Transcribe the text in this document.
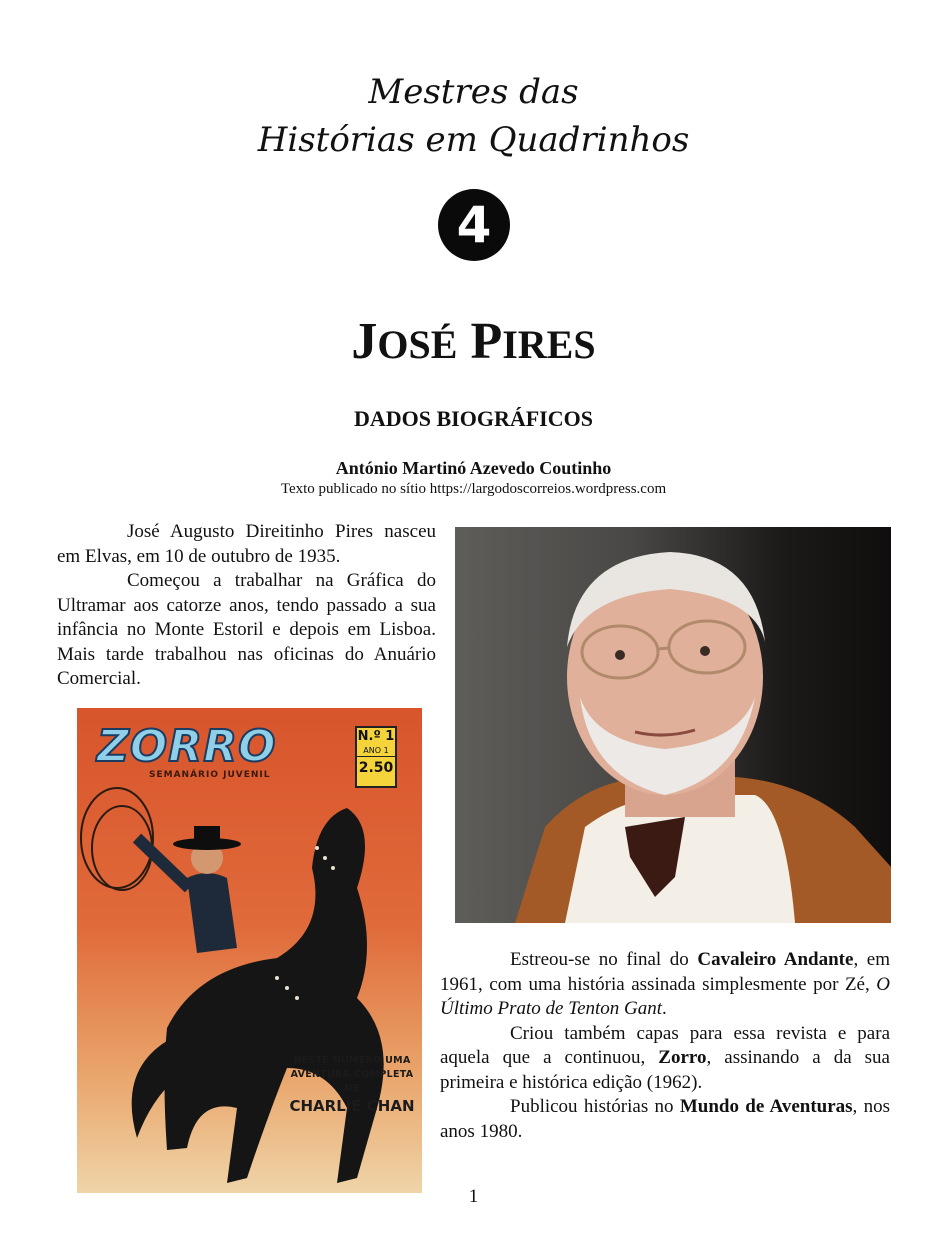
Mestres das
Histórias em Quadrinhos
4
JOSÉ PIRES
DADOS BIOGRÁFICOS
António Martinó Azevedo Coutinho
Texto publicado no sítio https://largodoscorreios.wordpress.com

José Augusto Direitinho Pires nasceu em Elvas, em 10 de outubro de 1935.

Começou a trabalhar na Gráfica do Ultramar aos catorze anos, tendo passado a sua infância no Monte Estoril e depois em Lisboa. Mais tarde trabalhou nas oficinas do Anuário Comercial.

ZORRO
SEMANÁRIO JUVENIL
N.º 1
ANO 1
2.50
NESTE NÚMERO UMA
AVENTURA COMPLETA DE
CHARLIE CHAN

Estreou-se no final do Cavaleiro Andante, em 1961, com uma história assinada simplesmente por Zé, O Último Prato de Tenton Gant.

Criou também capas para essa revista e para aquela que a continuou, Zorro, assinando a da sua primeira e histórica edição (1962).

Publicou histórias no Mundo de Aventuras, nos anos 1980.

1
